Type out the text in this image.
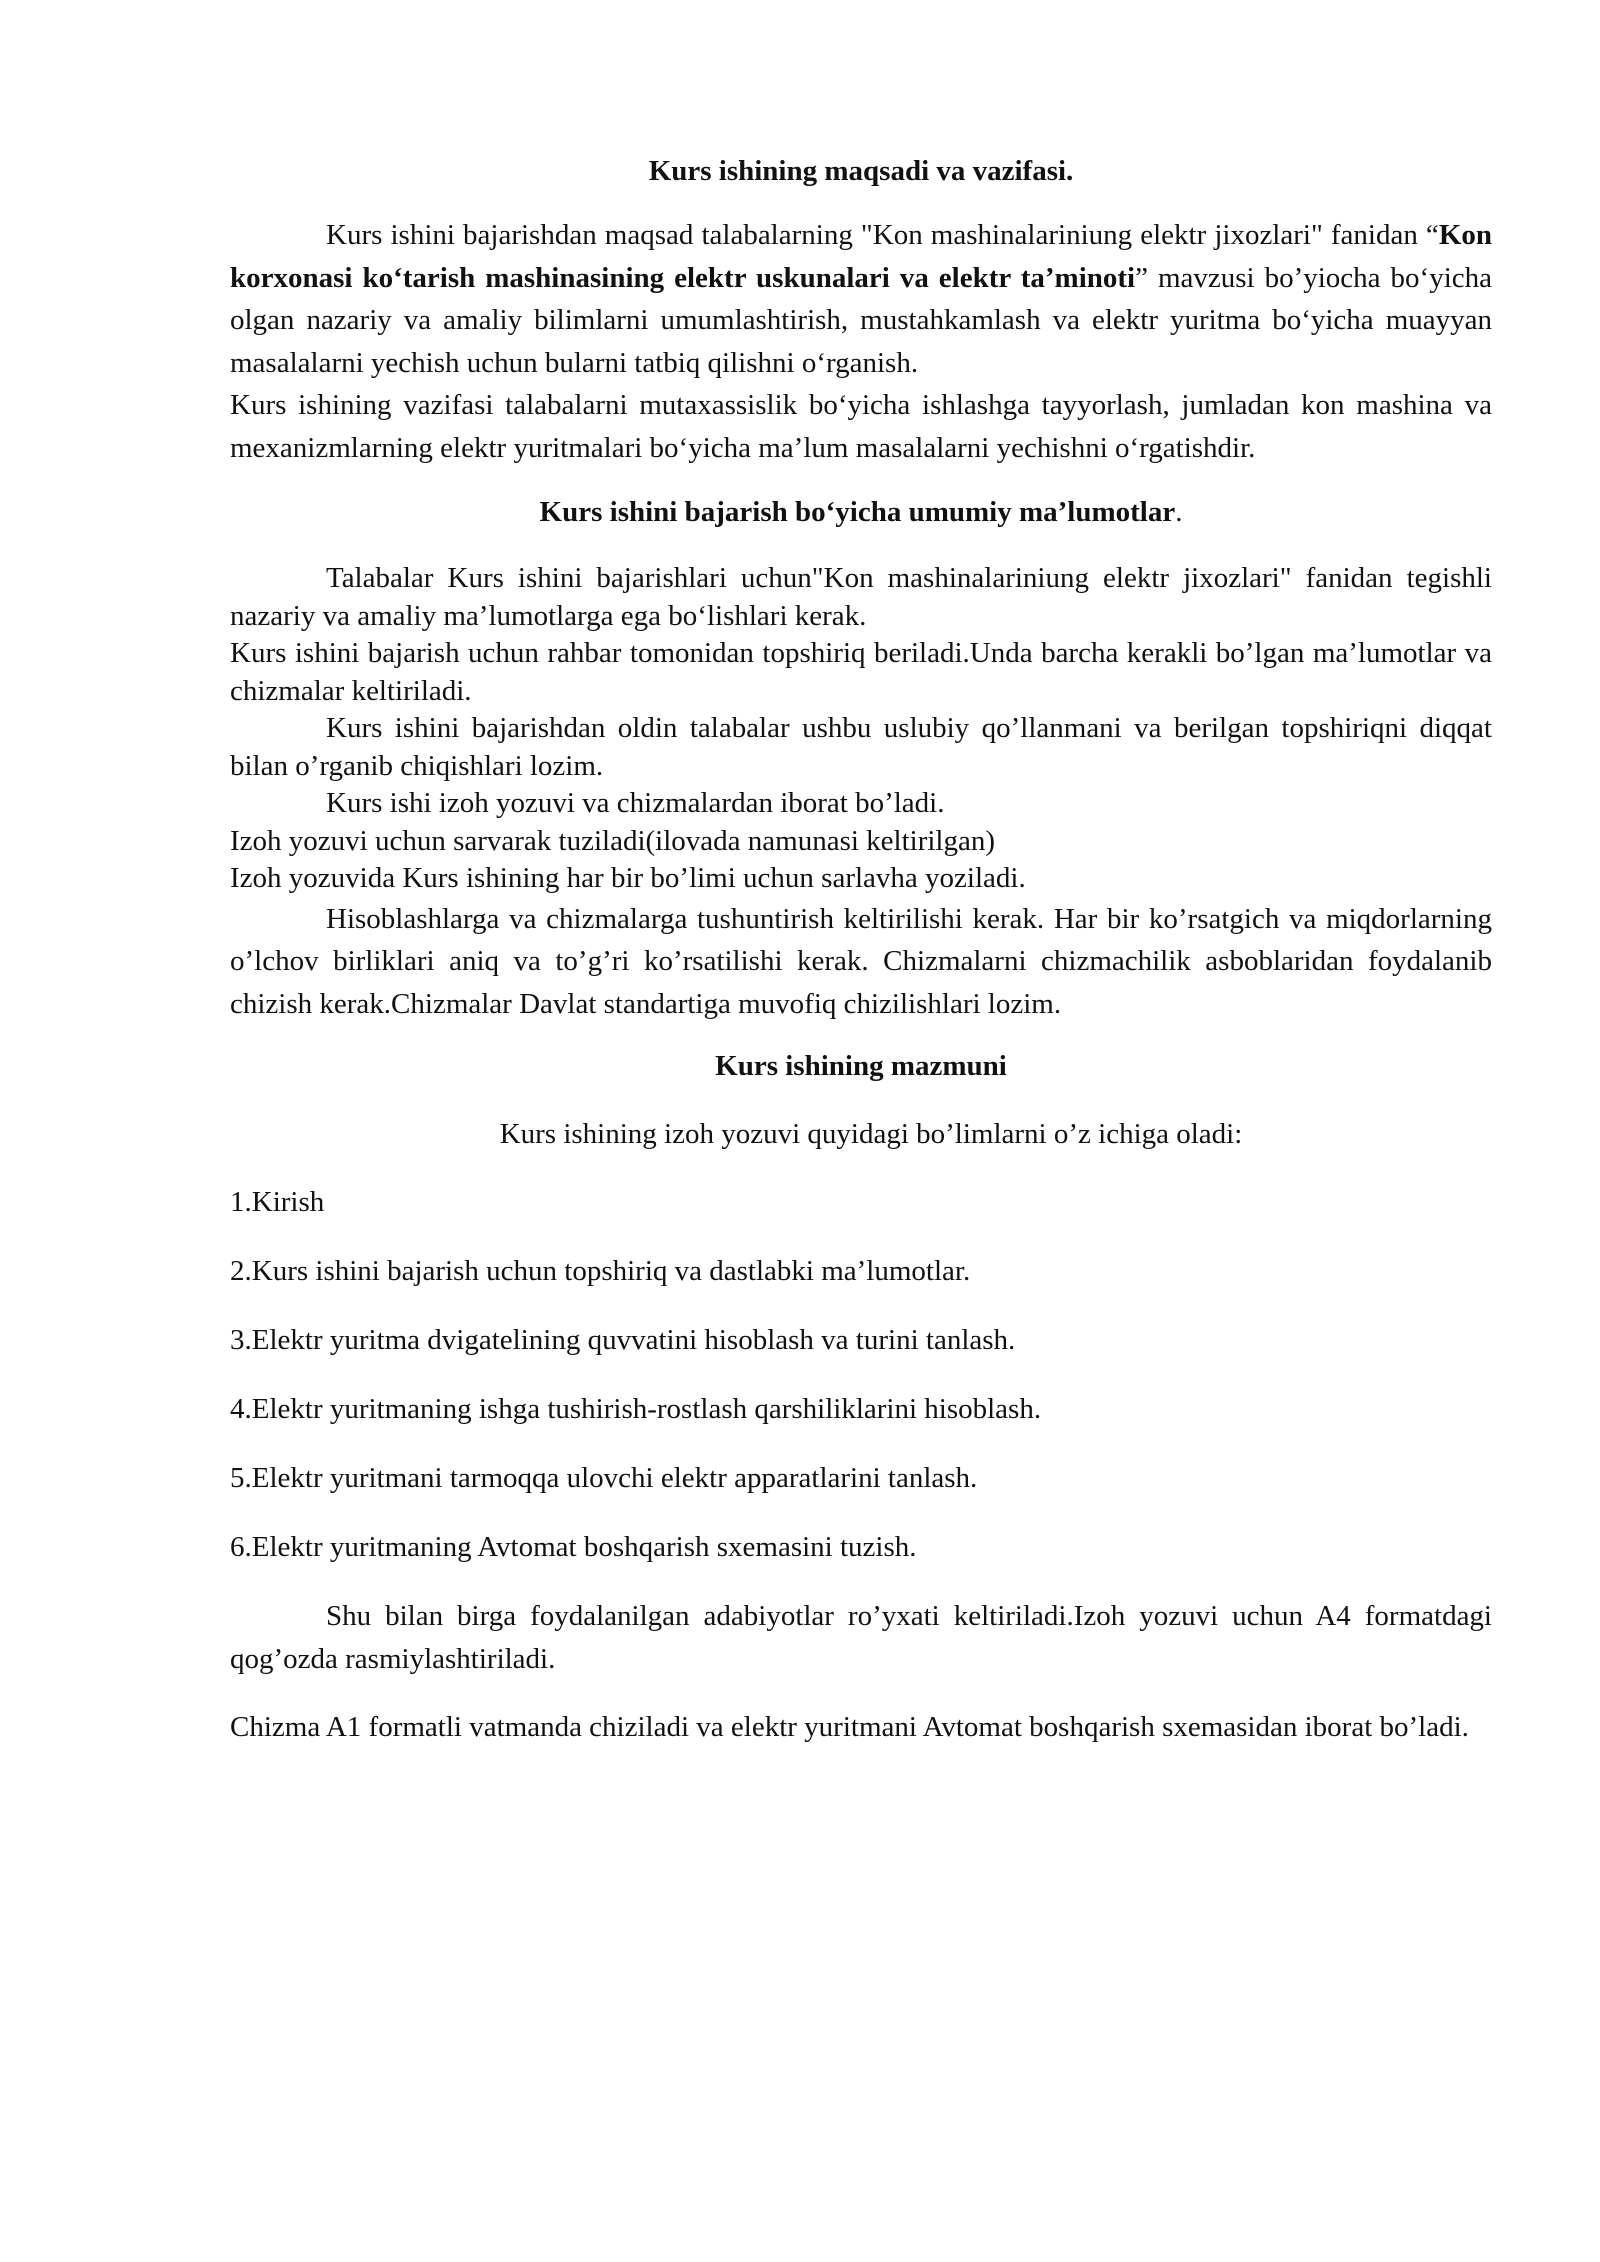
Kurs ishining maqsadi va vazifasi.

Kurs ishini bajarishdan maqsad talabalarning "Kon mashinalariniung elektr jixozlari" fanidan “Kon korxonasi ko‘tarish mashinasining elektr uskunalari va elektr ta’minoti” mavzusi bo’yiocha bo‘yicha olgan nazariy va amaliy bilimlarni umumlashtirish, mustahkamlash va elektr yuritma bo‘yicha muayyan masalalarni yechish uchun bularni tatbiq qilishni o‘rganish.

Kurs ishining vazifasi talabalarni mutaxassislik bo‘yicha ishlashga tayyorlash, jumladan kon mashina va mexanizmlarning elektr yuritmalari bo‘yicha ma’lum masalalarni yechishni o‘rgatishdir.

Kurs ishini bajarish bo‘yicha umumiy ma’lumotlar.

Talabalar Kurs ishini bajarishlari uchun"Kon mashinalariniung elektr jixozlari" fanidan tegishli nazariy va amaliy ma’lumotlarga ega bo‘lishlari kerak.

Kurs ishini bajarish uchun rahbar tomonidan topshiriq beriladi.Unda barcha kerakli bo’lgan ma’lumotlar va chizmalar keltiriladi.

Kurs ishini bajarishdan oldin talabalar ushbu uslubiy qo’llanmani va berilgan topshiriqni diqqat bilan o’rganib chiqishlari lozim.

Kurs ishi izoh yozuvi va chizmalardan iborat bo’ladi.

Izoh yozuvi uchun sarvarak tuziladi(ilovada namunasi keltirilgan)

Izoh yozuvida Kurs ishining har bir bo’limi uchun sarlavha yoziladi.

Hisoblashlarga va chizmalarga tushuntirish keltirilishi kerak. Har bir ko’rsatgich va miqdorlarning o’lchov birliklari aniq va to’g’ri ko’rsatilishi kerak. Chizmalarni chizmachilik asboblaridan foydalanib chizish kerak.Chizmalar Davlat standartiga muvofiq chizilishlari lozim.

Kurs ishining mazmuni

Kurs ishining izoh yozuvi quyidagi bo’limlarni o’z ichiga oladi:

1.Kirish

2.Kurs ishini bajarish uchun topshiriq va dastlabki ma’lumotlar.

3.Elektr yuritma dvigatelining quvvatini hisoblash va turini tanlash.

4.Elektr yuritmaning ishga tushirish-rostlash qarshiliklarini hisoblash.

5.Elektr yuritmani tarmoqqa ulovchi elektr apparatlarini tanlash.

6.Elektr yuritmaning Avtomat boshqarish sxemasini tuzish.

Shu bilan birga foydalanilgan adabiyotlar ro’yxati keltiriladi.Izoh yozuvi uchun A4 formatdagi qog’ozda rasmiylashtiriladi.

Chizma A1 formatli vatmanda chiziladi va elektr yuritmani Avtomat boshqarish sxemasidan iborat bo’ladi.
